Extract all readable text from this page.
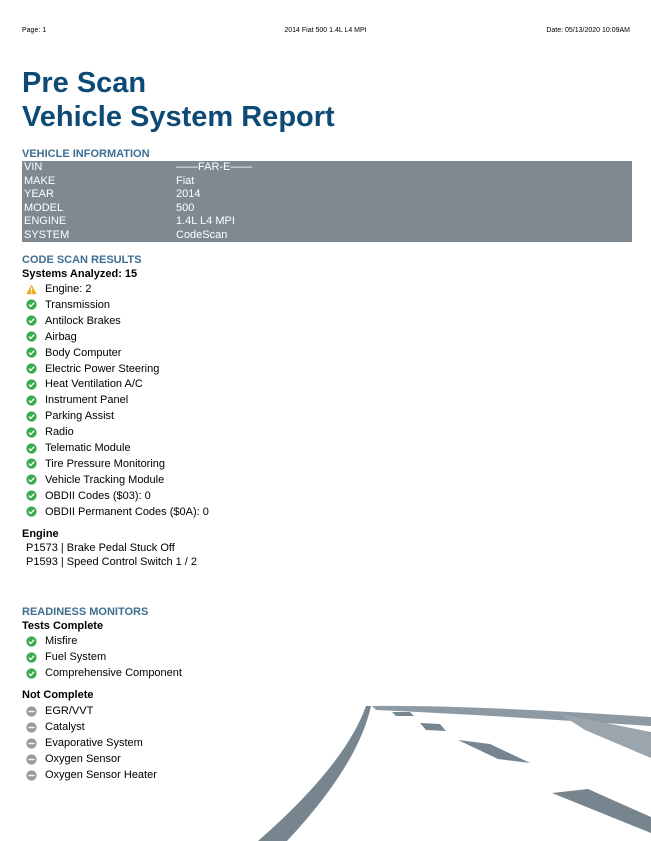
Page: 1	2014 Fiat 500 1.4L L4 MPI	Date: 05/13/2020 10:09AM
Pre Scan
Vehicle System Report
VEHICLE INFORMATION
VIN	——FAR-E——
MAKE	Fiat
YEAR	2014
MODEL	500
ENGINE	1.4L L4 MPI
SYSTEM	CodeScan
CODE SCAN RESULTS
Systems Analyzed: 15
Engine: 2
Transmission
Antilock Brakes
Airbag
Body Computer
Electric Power Steering
Heat Ventilation A/C
Instrument Panel
Parking Assist
Radio
Telematic Module
Tire Pressure Monitoring
Vehicle Tracking Module
OBDII Codes ($03): 0
OBDII Permanent Codes ($0A): 0
Engine
P1573 | Brake Pedal Stuck Off
P1593 | Speed Control Switch 1 / 2
READINESS MONITORS
Tests Complete
Misfire
Fuel System
Comprehensive Component
Not Complete
EGR/VVT
Catalyst
Evaporative System
Oxygen Sensor
Oxygen Sensor Heater
